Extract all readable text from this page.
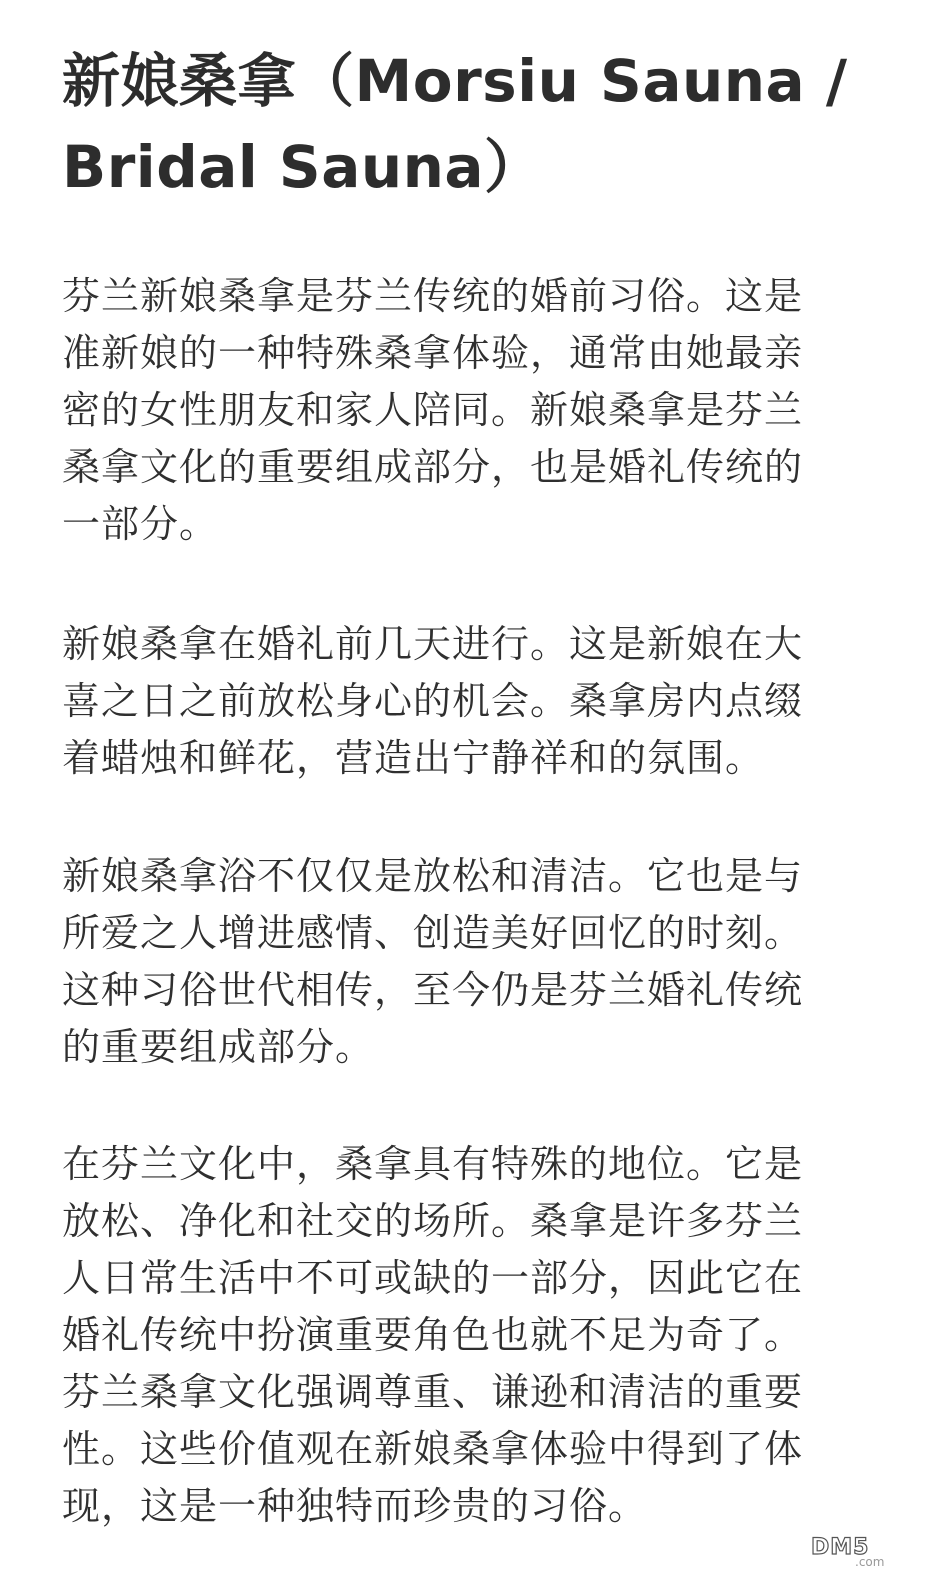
新娘桑拿（Morsiu Sauna /
Bridal Sauna）
芬兰新娘桑拿是芬兰传统的婚前习俗。这是
准新娘的一种特殊桑拿体验，通常由她最亲
密的女性朋友和家人陪同。新娘桑拿是芬兰
桑拿文化的重要组成部分，也是婚礼传统的
一部分。
新娘桑拿在婚礼前几天进行。这是新娘在大
喜之日之前放松身心的机会。桑拿房内点缀
着蜡烛和鲜花，营造出宁静祥和的氛围。
新娘桑拿浴不仅仅是放松和清洁。它也是与
所爱之人增进感情、创造美好回忆的时刻。
这种习俗世代相传，至今仍是芬兰婚礼传统
的重要组成部分。
在芬兰文化中，桑拿具有特殊的地位。它是
放松、净化和社交的场所。桑拿是许多芬兰
人日常生活中不可或缺的一部分，因此它在
婚礼传统中扮演重要角色也就不足为奇了。
芬兰桑拿文化强调尊重、谦逊和清洁的重要
性。这些价值观在新娘桑拿体验中得到了体
现，这是一种独特而珍贵的习俗。
DM5
.com
